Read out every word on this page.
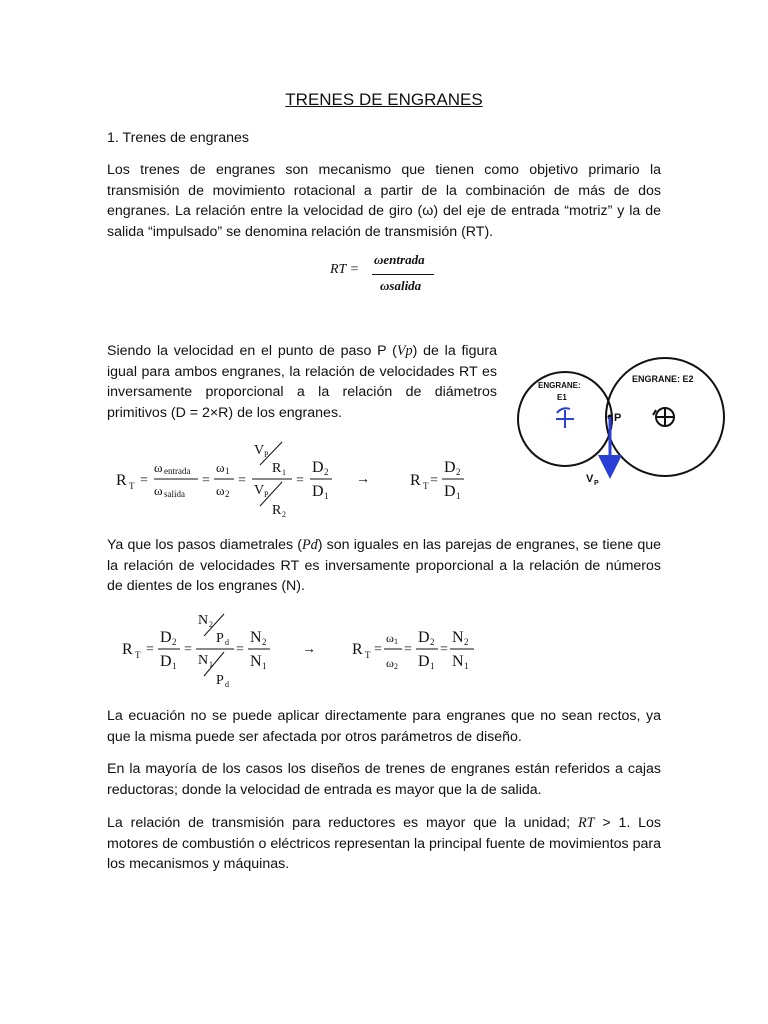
TRENES DE ENGRANES

1. Trenes de engranes

Los trenes de engranes son mecanismo que tienen como objetivo primario la transmisión de movimiento rotacional a partir de la combinación de más de dos engranes. La relación entre la velocidad de giro (ω) del eje de entrada “motriz” y la de salida “impulsado” se denomina relación de transmisión (RT).

RT =
ωentrada
ωsalida

Siendo la velocidad en el punto de paso P (Vp) de la figura igual para ambos engranes, la relación de velocidades RT es inversamente proporcional a la relación de diámetros primitivos (D = 2×R) de los engranes.

ENGRANE:
E1
ENGRANE: E2
P
V P
R T =
ω entrada
ω salida
=
ω 1
ω 2
=
V P
R 1
V P
R 2
=
D 2
D 1
→	R T =
D 2
D 1

Ya que los pasos diametrales (Pd) son iguales en las parejas de engranes, se tiene que la relación de velocidades RT es inversamente proporcional a la relación de números de dientes de los engranes (N).

R T =
D 2
D 1
=
N 2
P d
N 1
P d
=
N 2
N 1
→ R T =
ω 1
ω 2
=
D 2
D 1
=
N 2
N 1

La ecuación no se puede aplicar directamente para engranes que no sean rectos, ya que la misma puede ser afectada por otros parámetros de diseño.

En la mayoría de los casos los diseños de trenes de engranes están referidos a cajas reductoras; donde la velocidad de entrada es mayor que la de salida.

La relación de transmisión para reductores es mayor que la unidad; RT > 1. Los motores de combustión o eléctricos representan la principal fuente de movimientos para los mecanismos y máquinas.
